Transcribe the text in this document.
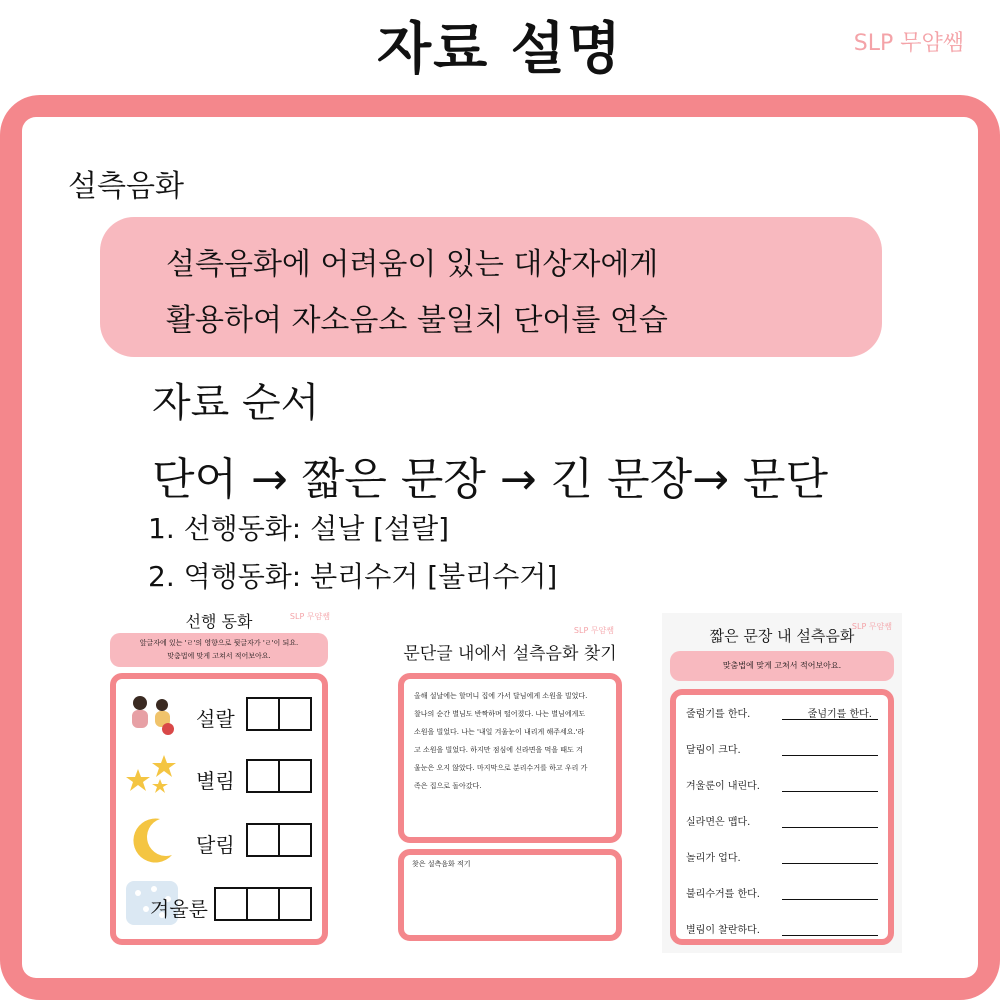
자료 설명	SLP 무얌쌤
설측음화
설측음화에 어려움이 있는 대상자에게
활용하여 자소음소 불일치 단어를 연습
자료 순서
단어 → 짧은 문장 → 긴 문장→ 문단
1. 선행동화: 설날 [설랄]
2. 역행동화: 분리수거 [불리수거]
선행 동화	SLP 무얌쌤
앞글자에 있는 'ㄹ'의 영향으로 뒷글자가 'ㄹ'이 되요.
맞춤법에 맞게 고쳐서 적어보아요.
설랄
별림
달림
겨울룬
SLP 무얌쌤
문단글 내에서 설측음화 찾기
올해 설날에는 할머니 집에 가서 달님에게 소원을 빌었다.
찰나의 순간 별님도 반짝하며 떨어졌다. 나는 별님에게도
소원을 빌었다. 나는 '내일 겨울눈이 내리게 해주세요.'라
고 소원을 빌었다. 하지만 점심에 신라면을 먹을 때도 겨
울눈은 오지 않았다. 마지막으로 분리수거를 하고 우리 가
족은 집으로 돌아갔다.
찾은 설측음화 적기
짧은 문장 내 설측음화
SLP 무얌쌤
맞춤법에 맞게 고쳐서 적어보아요.
줄럼기를 한다.	줄넘기를 한다.
달림이 크다.
겨울룬이 내린다.
실라면은 맵다.
놀리가 업다.
불리수거를 한다.
별림이 찰란하다.
